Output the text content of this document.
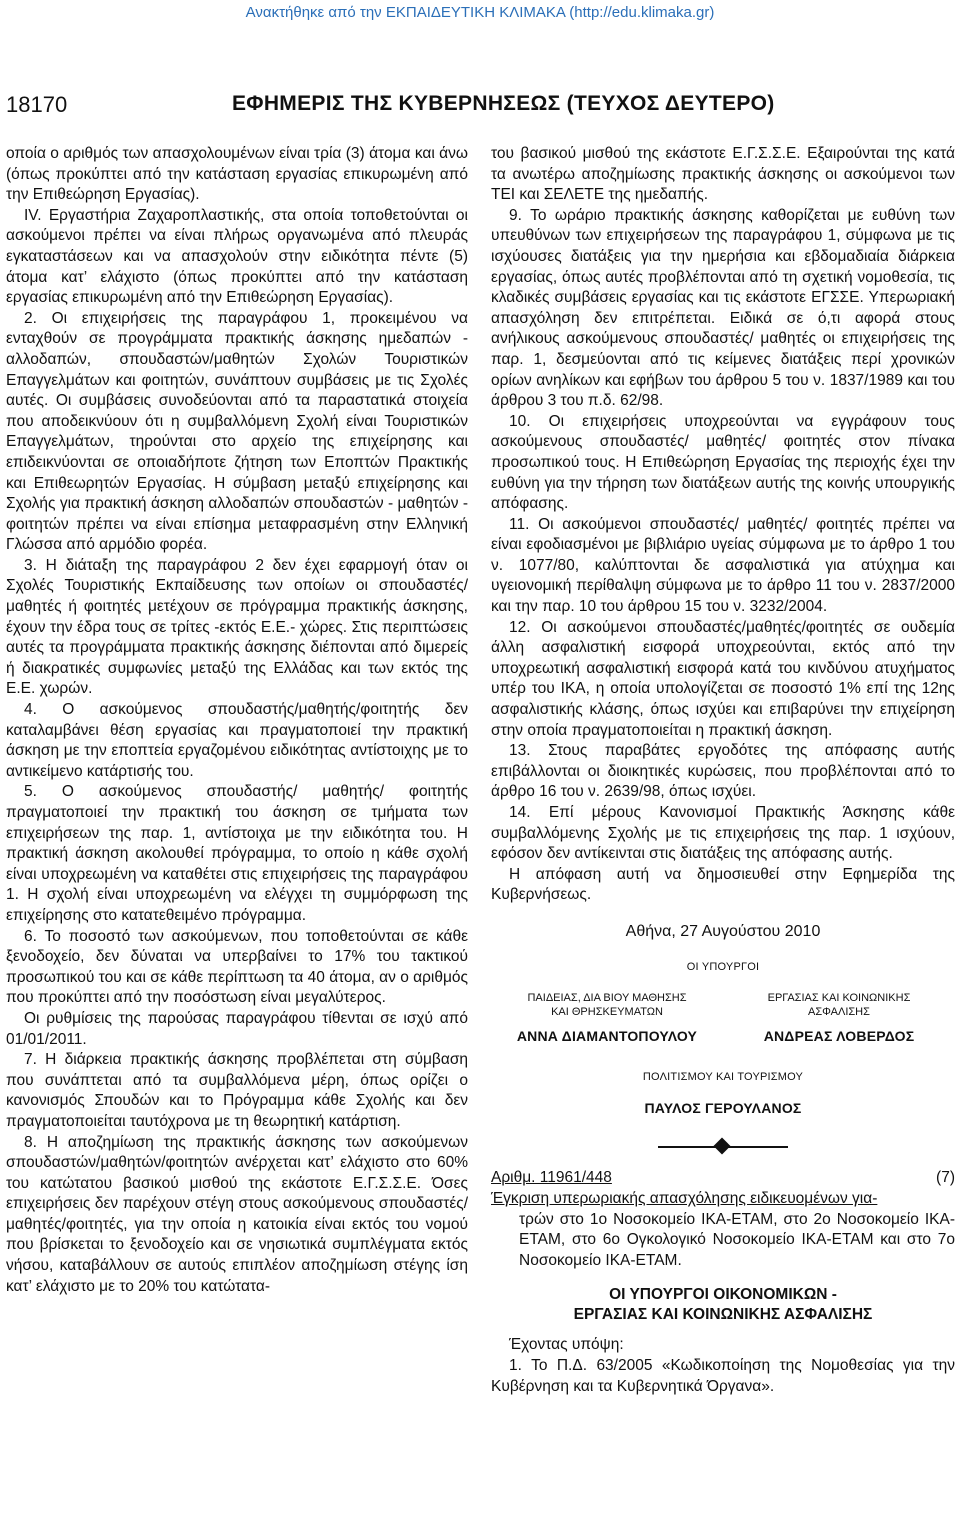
Ανακτήθηκε από την ΕΚΠΑΙΔΕΥΤΙΚΗ ΚΛΙΜΑΚΑ (http://edu.klimaka.gr)
18170	ΕΦΗΜΕΡΙΣ ΤΗΣ ΚΥΒΕΡΝΗΣΕΩΣ (ΤΕΥΧΟΣ ΔΕΥΤΕΡΟ)

οποία ο αριθμός των απασχολουμένων είναι τρία (3) άτομα και άνω (όπως προκύπτει από την κατάσταση εργασίας επικυρωμένη από την Επιθεώρηση Εργασίας).

IV. Εργαστήρια Ζαχαροπλαστικής, στα οποία τοποθετούνται οι ασκούμενοι πρέπει να είναι πλήρως οργανωμένα από πλευράς εγκαταστάσεων και να απασχολούν στην ειδικότητα πέντε (5) άτομα κατ’ ελάχιστο (όπως προκύπτει από την κατάσταση εργασίας επικυρωμένη από την Επιθεώρηση Εργασίας).

2. Οι επιχειρήσεις της παραγράφου 1, προκειμένου να ενταχθούν σε προγράμματα πρακτικής άσκησης ημεδαπών - αλλοδαπών, σπουδαστών/μαθητών Σχολών Τουριστικών Επαγγελμάτων και φοιτητών, συνάπτουν συμβάσεις με τις Σχολές αυτές. Οι συμβάσεις συνοδεύονται από τα παραστατικά στοιχεία που αποδεικνύουν ότι η συμβαλλόμενη Σχολή είναι Τουριστικών Επαγγελμάτων, τηρούνται στο αρχείο της επιχείρησης και επιδεικνύονται σε οποιαδήποτε ζήτηση των Εποπτών Πρακτικής και Επιθεωρητών Εργασίας. Η σύμβαση μεταξύ επιχείρησης και Σχολής για πρακτική άσκηση αλλοδαπών σπουδαστών - μαθητών - φοιτητών πρέπει να είναι επίσημα μεταφρασμένη στην Ελληνική Γλώσσα από αρμόδιο φορέα.

3. Η διάταξη της παραγράφου 2 δεν έχει εφαρμογή όταν οι Σχολές Τουριστικής Εκπαίδευσης των οποίων οι σπουδαστές/μαθητές ή φοιτητές μετέχουν σε πρόγραμμα πρακτικής άσκησης, έχουν την έδρα τους σε τρίτες -εκτός Ε.Ε.- χώρες. Στις περιπτώσεις αυτές τα προγράμματα πρακτικής άσκησης διέπονται από διμερείς ή διακρατικές συμφωνίες μεταξύ της Ελλάδας και των εκτός της Ε.Ε. χωρών.

4. Ο ασκούμενος σπουδαστής/μαθητής/φοιτητής δεν καταλαμβάνει θέση εργασίας και πραγματοποιεί την πρακτική άσκηση με την εποπτεία εργαζομένου ειδικότητας αντίστοιχης με το αντικείμενο κατάρτισής του.

5. Ο ασκούμενος σπουδαστής/ μαθητής/ φοιτητής πραγματοποιεί την πρακτική του άσκηση σε τμήματα των επιχειρήσεων της παρ. 1, αντίστοιχα με την ειδικότητα του. Η πρακτική άσκηση ακολουθεί πρόγραμμα, το οποίο η κάθε σχολή είναι υποχρεωμένη να καταθέτει στις επιχειρήσεις της παραγράφου 1. Η σχολή είναι υποχρεωμένη να ελέγχει τη συμμόρφωση της επιχείρησης στο κατατεθειμένο πρόγραμμα.

6. Το ποσοστό των ασκούμενων, που τοποθετούνται σε κάθε ξενοδοχείο, δεν δύναται να υπερβαίνει το 17% του τακτικού προσωπικού του και σε κάθε περίπτωση τα 40 άτομα, αν ο αριθμός που προκύπτει από την ποσόστωση είναι μεγαλύτερος.

Οι ρυθμίσεις της παρούσας παραγράφου τίθενται σε ισχύ από 01/01/2011.

7. Η διάρκεια πρακτικής άσκησης προβλέπεται στη σύμβαση που συνάπτεται από τα συμβαλλόμενα μέρη, όπως ορίζει ο κανονισμός Σπουδών και το Πρόγραμμα κάθε Σχολής και δεν πραγματοποιείται ταυτόχρονα με τη θεωρητική κατάρτιση.

8. Η αποζημίωση της πρακτικής άσκησης των ασκούμενων σπουδαστών/μαθητών/φοιτητών ανέρχεται κατ’ ελάχιστο στο 60% του κατώτατου βασικού μισθού της εκάστοτε Ε.Γ.Σ.Σ.Ε. Όσες επιχειρήσεις δεν παρέχουν στέγη στους ασκούμενους σπουδαστές/μαθητές/φοιτητές, για την οποία η κατοικία είναι εκτός του νομού που βρίσκεται το ξενοδοχείο και σε νησιωτικά συμπλέγματα εκτός νήσου, καταβάλλουν σε αυτούς επιπλέον αποζημίωση στέγης ίση κατ’ ελάχιστο με το 20% του κατώτατα-

του βασικού μισθού της εκάστοτε Ε.Γ.Σ.Σ.Ε. Εξαιρούνται της κατά τα ανωτέρω αποζημίωσης πρακτικής άσκησης οι ασκούμενοι των ΤΕΙ και ΣΕΛΕΤΕ της ημεδαπής.

9. Το ωράριο πρακτικής άσκησης καθορίζεται με ευθύνη των υπευθύνων των επιχειρήσεων της παραγράφου 1, σύμφωνα με τις ισχύουσες διατάξεις για την ημερήσια και εβδομαδιαία διάρκεια εργασίας, όπως αυτές προβλέπονται από τη σχετική νομοθεσία, τις κλαδικές συμβάσεις εργασίας και τις εκάστοτε ΕΓΣΣΕ. Υπερωριακή απασχόληση δεν επιτρέπεται. Ειδικά σε ό,τι αφορά στους ανήλικους ασκούμενους σπουδαστές/ μαθητές οι επιχειρήσεις της παρ. 1, δεσμεύονται από τις κείμενες διατάξεις περί χρονικών ορίων ανηλίκων και εφήβων του άρθρου 5 του ν. 1837/1989 και του άρθρου 3 του π.δ. 62/98.

10. Οι επιχειρήσεις υποχρεούνται να εγγράφουν τους ασκούμενους σπουδαστές/ μαθητές/ φοιτητές στον πίνακα προσωπικού τους. Η Επιθεώρηση Εργασίας της περιοχής έχει την ευθύνη για την τήρηση των διατάξεων αυτής της κοινής υπουργικής απόφασης.

11. Οι ασκούμενοι σπουδαστές/ μαθητές/ φοιτητές πρέπει να είναι εφοδιασμένοι με βιβλιάριο υγείας σύμφωνα με το άρθρο 1 του ν. 1077/80, καλύπτονται δε ασφαλιστικά για ατύχημα και υγειονομική περίθαλψη σύμφωνα με το άρθρο 11 του ν. 2837/2000 και την παρ. 10 του άρθρου 15 του ν. 3232/2004.

12. Οι ασκούμενοι σπουδαστές/μαθητές/φοιτητές σε ουδεμία άλλη ασφαλιστική εισφορά υποχρεούνται, εκτός από την υποχρεωτική ασφαλιστική εισφορά κατά του κινδύνου ατυχήματος υπέρ του ΙΚΑ, η οποία υπολογίζεται σε ποσοστό 1% επί της 12ης ασφαλιστικής κλάσης, όπως ισχύει και επιβαρύνει την επιχείρηση στην οποία πραγματοποιείται η πρακτική άσκηση.

13. Στους παραβάτες εργοδότες της απόφασης αυτής επιβάλλονται οι διοικητικές κυρώσεις, που προβλέπονται από το άρθρο 16 του ν. 2639/98, όπως ισχύει.

14. Επί μέρους Κανονισμοί Πρακτικής Άσκησης κάθε συμβαλλόμενης Σχολής με τις επιχειρήσεις της παρ. 1 ισχύουν, εφόσον δεν αντίκεινται στις διατάξεις της απόφασης αυτής.

Η απόφαση αυτή να δημοσιευθεί στην Εφημερίδα της Κυβερνήσεως.

Αθήνα, 27 Αυγούστου 2010
ΟΙ ΥΠΟΥΡΓΟΙ
ΠΑΙΔΕΙΑΣ, ΔΙΑ ΒΙΟΥ ΜΑΘΗΣΗΣ
ΚΑΙ ΘΡΗΣΚΕΥΜΑΤΩΝ
ΑΝΝΑ ΔΙΑΜΑΝΤΟΠΟΥΛΟΥ
ΕΡΓΑΣΙΑΣ ΚΑΙ ΚΟΙΝΩΝΙΚΗΣ
ΑΣΦΑΛΙΣΗΣ
ΑΝΔΡΕΑΣ ΛΟΒΕΡΔΟΣ
ΠΟΛΙΤΙΣΜΟΥ ΚΑΙ ΤΟΥΡΙΣΜΟΥ
ΠΑΥΛΟΣ ΓΕΡΟΥΛΑΝΟΣ
Αριθμ. 11961/448	(7)

Έγκριση υπερωριακής απασχόλησης ειδικευομένων για-

τρών στο 1ο Νοσοκομείο ΙΚΑ-ΕΤΑΜ, στο 2ο Νοσοκομείο ΙΚΑ-ΕΤΑΜ, στο 6ο Ογκολογικό Νοσοκομείο ΙΚΑ-ΕΤΑΜ και στο 7ο Νοσοκομείο ΙΚΑ-ΕΤΑΜ.

ΟΙ ΥΠΟΥΡΓΟΙ ΟΙΚΟΝΟΜΙΚΩΝ -
ΕΡΓΑΣΙΑΣ ΚΑΙ ΚΟΙΝΩΝΙΚΗΣ ΑΣΦΑΛΙΣΗΣ

Έχοντας υπόψη:

1. Το Π.Δ. 63/2005 «Κωδικοποίηση της Νομοθεσίας για την Κυβέρνηση και τα Κυβερνητικά Όργανα».
